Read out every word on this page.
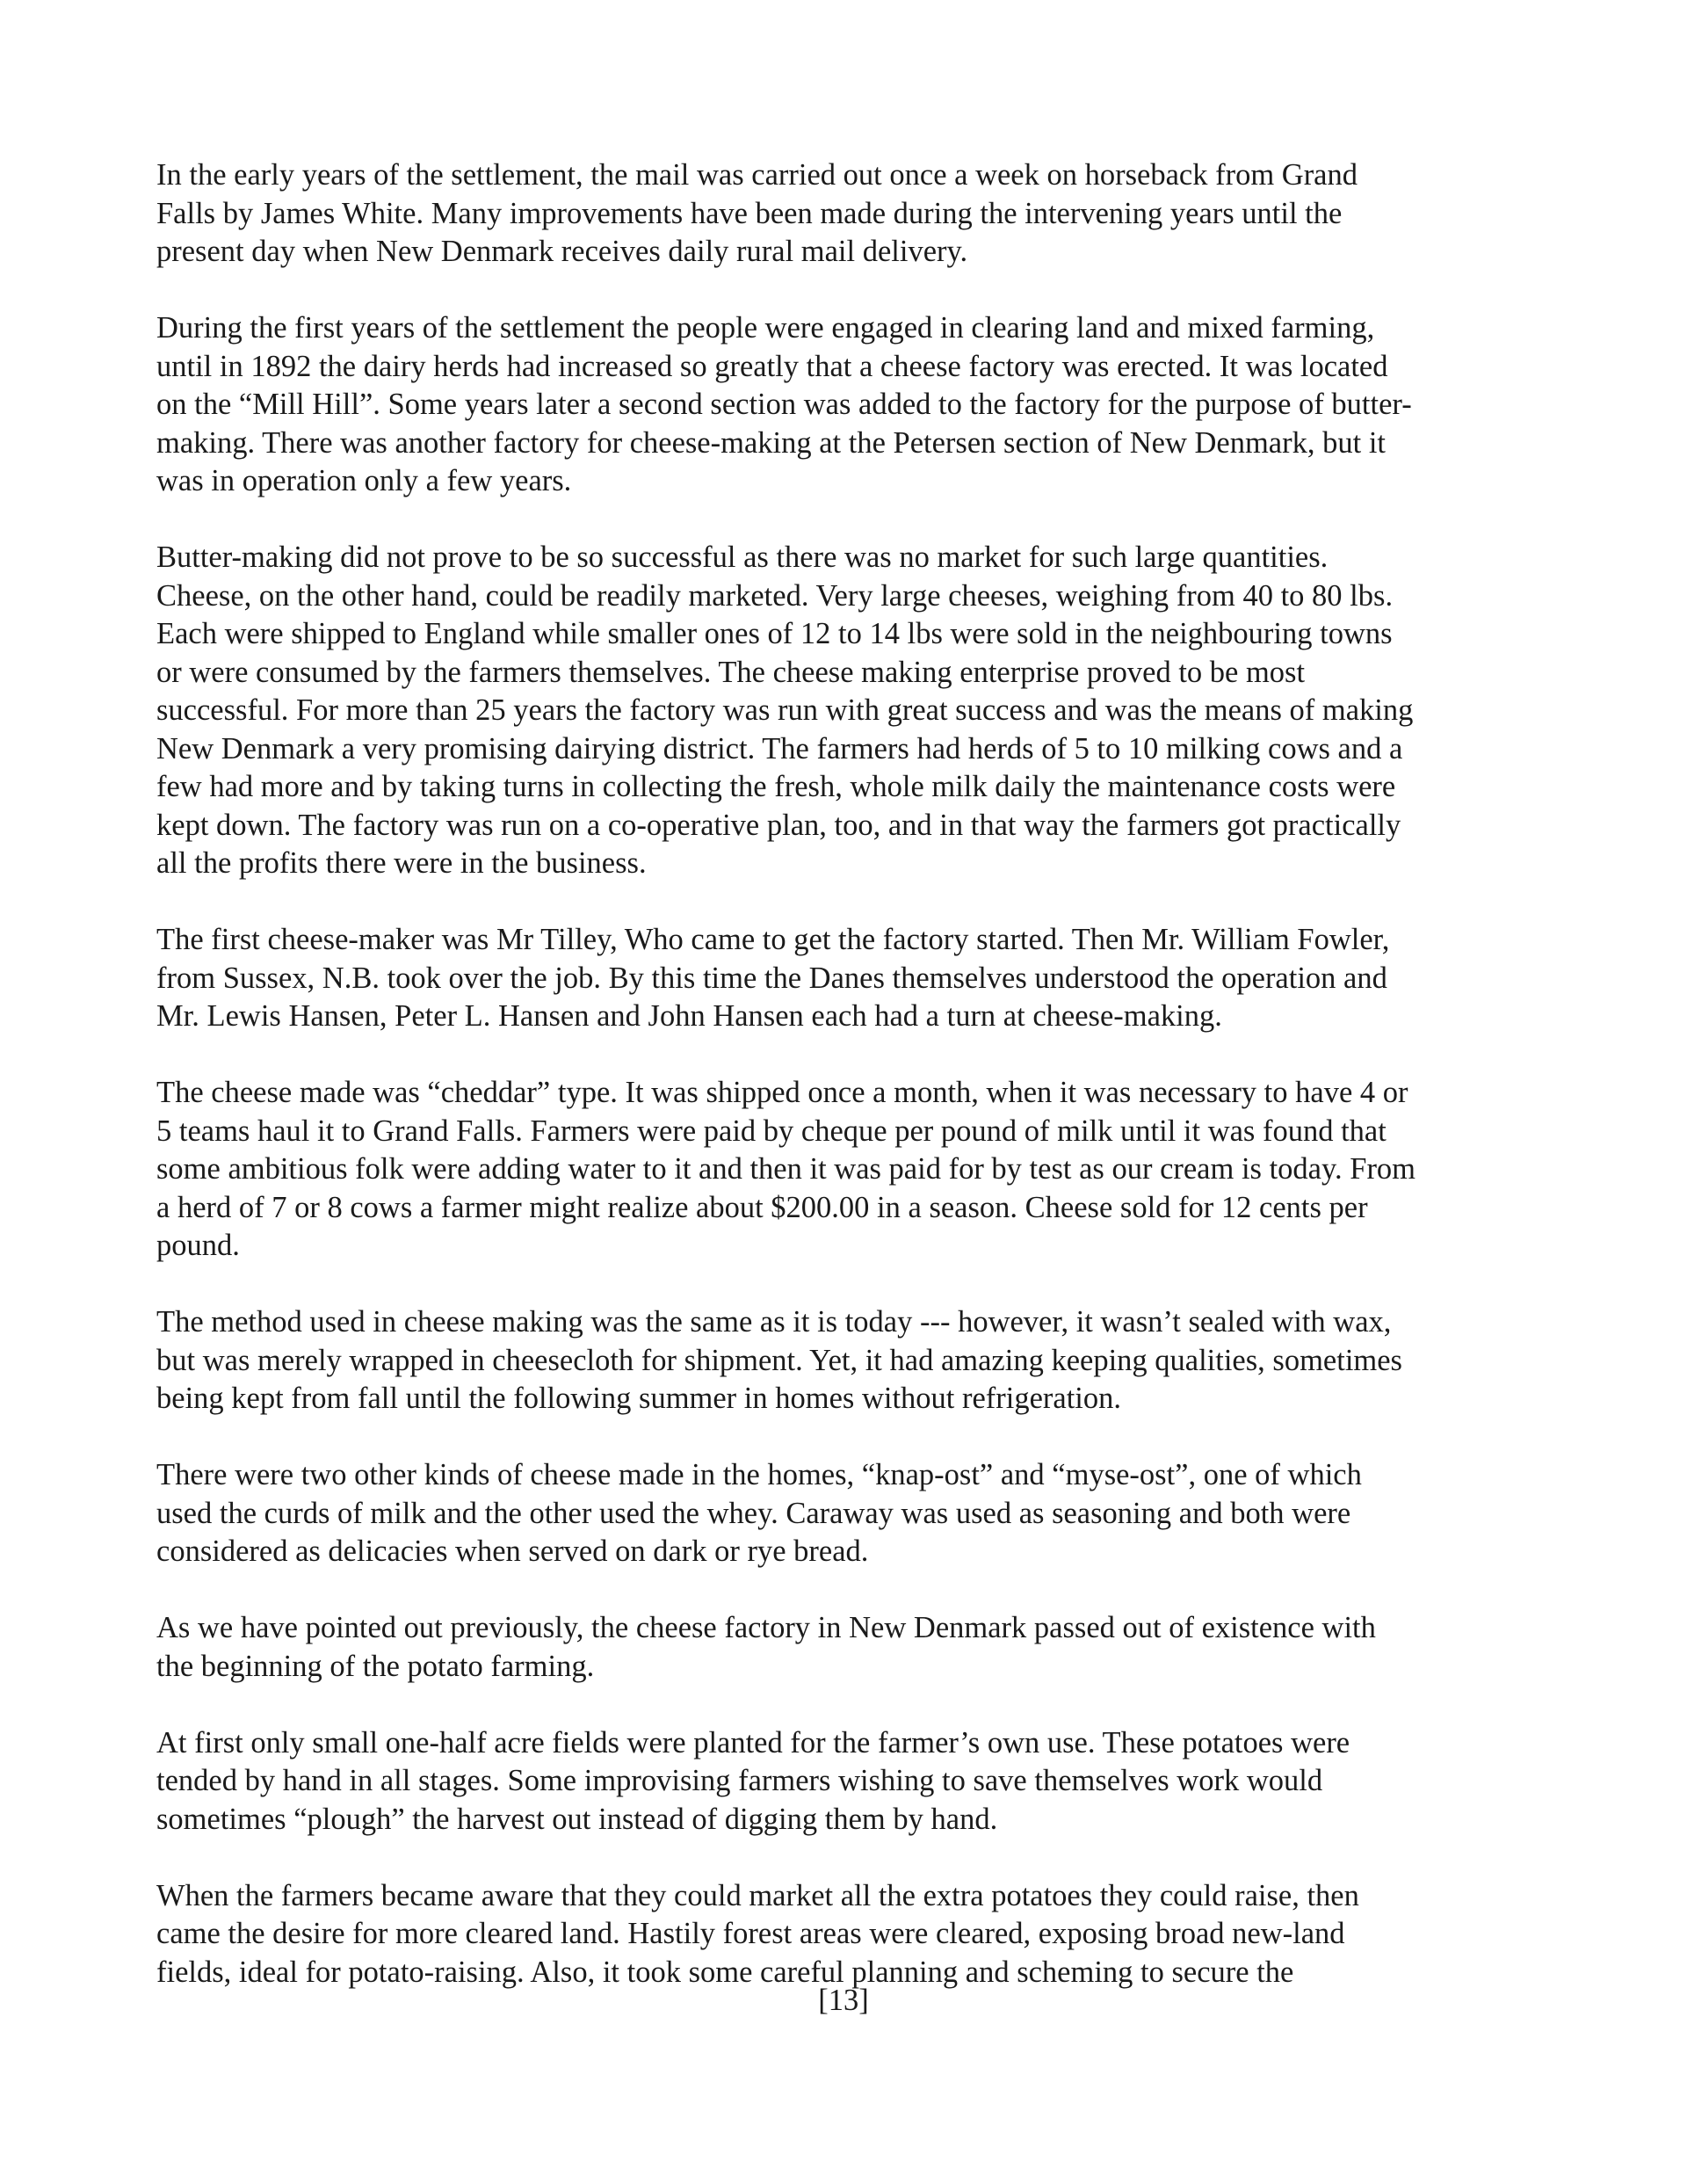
In the early years of the settlement, the mail was carried out once a week on horseback from Grand
Falls by James White. Many improvements have been made during the intervening years until the
present day when New Denmark receives daily rural mail delivery.

During the first years of the settlement the people were engaged in clearing land and mixed farming,
until in 1892 the dairy herds had increased so greatly that a cheese factory was erected. It was located
on the “Mill Hill”. Some years later a second section was added to the factory for the purpose of butter-
making. There was another factory for cheese-making at the Petersen section of New Denmark, but it
was in operation only a few years.

Butter-making did not prove to be so successful as there was no market for such large quantities.
Cheese, on the other hand, could be readily marketed. Very large cheeses, weighing from 40 to 80 lbs.
Each were shipped to England while smaller ones of 12 to 14 lbs were sold in the neighbouring towns
or were consumed by the farmers themselves. The cheese making enterprise proved to be most
successful. For more than 25 years the factory was run with great success and was the means of making
New Denmark a very promising dairying district. The farmers had herds of 5 to 10 milking cows and a
few had more and by taking turns in collecting the fresh, whole milk daily the maintenance costs were
kept down. The factory was run on a co-operative plan, too, and in that way the farmers got practically
all the profits there were in the business.

The first cheese-maker was Mr Tilley, Who came to get the factory started. Then Mr. William Fowler,
from Sussex, N.B. took over the job. By this time the Danes themselves understood the operation and
Mr. Lewis Hansen, Peter L. Hansen and John Hansen each had a turn at cheese-making.

The cheese made was “cheddar” type. It was shipped once a month, when it was necessary to have 4 or
5 teams haul it to Grand Falls. Farmers were paid by cheque per pound of milk until it was found that
some ambitious folk were adding water to it and then it was paid for by test as our cream is today. From
a herd of 7 or 8 cows a farmer might realize about $200.00 in a season. Cheese sold for 12 cents per
pound.

The method used in cheese making was the same as it is today --- however, it wasn’t sealed with wax,
but was merely wrapped in cheesecloth for shipment. Yet, it had amazing keeping qualities, sometimes
being kept from fall until the following summer in homes without refrigeration.

There were two other kinds of cheese made in the homes, “knap-ost” and “myse-ost”, one of which
used the curds of milk and the other used the whey. Caraway was used as seasoning and both were
considered as delicacies when served on dark or rye bread.

As we have pointed out previously, the cheese factory in New Denmark passed out of existence with
the beginning of the potato farming.

At first only small one-half acre fields were planted for the farmer’s own use. These potatoes were
tended by hand in all stages. Some improvising farmers wishing to save themselves work would
sometimes “plough” the harvest out instead of digging them by hand.

When the farmers became aware that they could market all the extra potatoes they could raise, then
came the desire for more cleared land. Hastily forest areas were cleared, exposing broad new-land
fields, ideal for potato-raising. Also, it took some careful planning and scheming to secure the

[13]
